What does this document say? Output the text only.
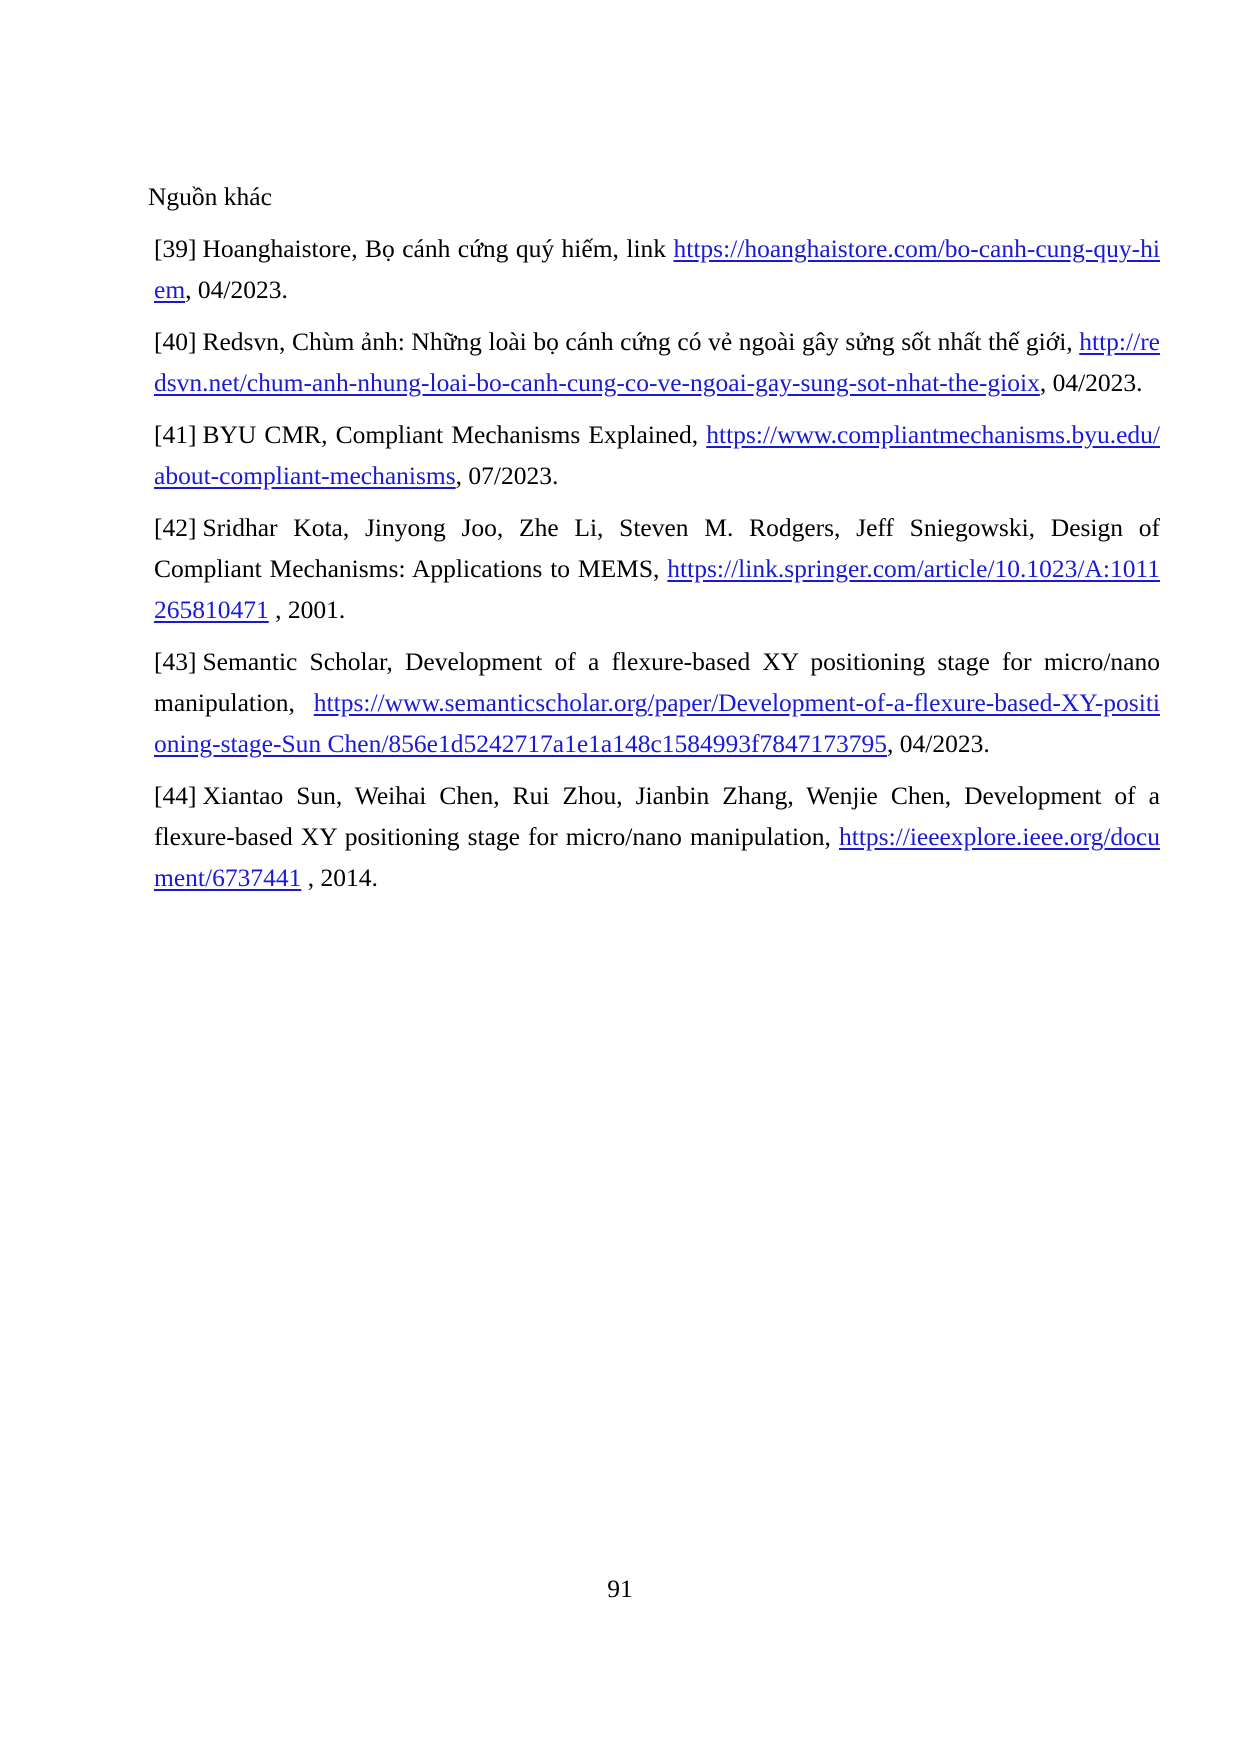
Nguồn khác

[39] Hoanghaistore, Bọ cánh cứng quý hiếm, link https://hoanghaistore.com/bo-canh-cung-quy-hiem, 04/2023.

[40] Redsvn, Chùm ảnh: Những loài bọ cánh cứng có vẻ ngoài gây sửng sốt nhất thế giới, http://redsvn.net/chum-anh-nhung-loai-bo-canh-cung-co-ve-ngoai-gay-sung-sot-nhat-the-gioix, 04/2023.

[41] BYU CMR, Compliant Mechanisms Explained, https://www.compliantmechanisms.byu.edu/about-compliant-mechanisms, 07/2023.

[42] Sridhar Kota, Jinyong Joo, Zhe Li, Steven M. Rodgers, Jeff Sniegowski, Design of Compliant Mechanisms: Applications to MEMS, https://link.springer.com/article/10.1023/A:1011265810471 , 2001.

[43] Semantic Scholar, Development of a flexure-based XY positioning stage for micro/nano manipulation, https://www.semanticscholar.org/paper/Development-of-a-flexure-based-XY-positioning-stage-Sun Chen/856e1d5242717a1e1a148c1584993f7847173795, 04/2023.

[44] Xiantao Sun, Weihai Chen, Rui Zhou, Jianbin Zhang, Wenjie Chen, Development of a flexure-based XY positioning stage for micro/nano manipulation, https://ieeexplore.ieee.org/document/6737441 , 2014.

91
